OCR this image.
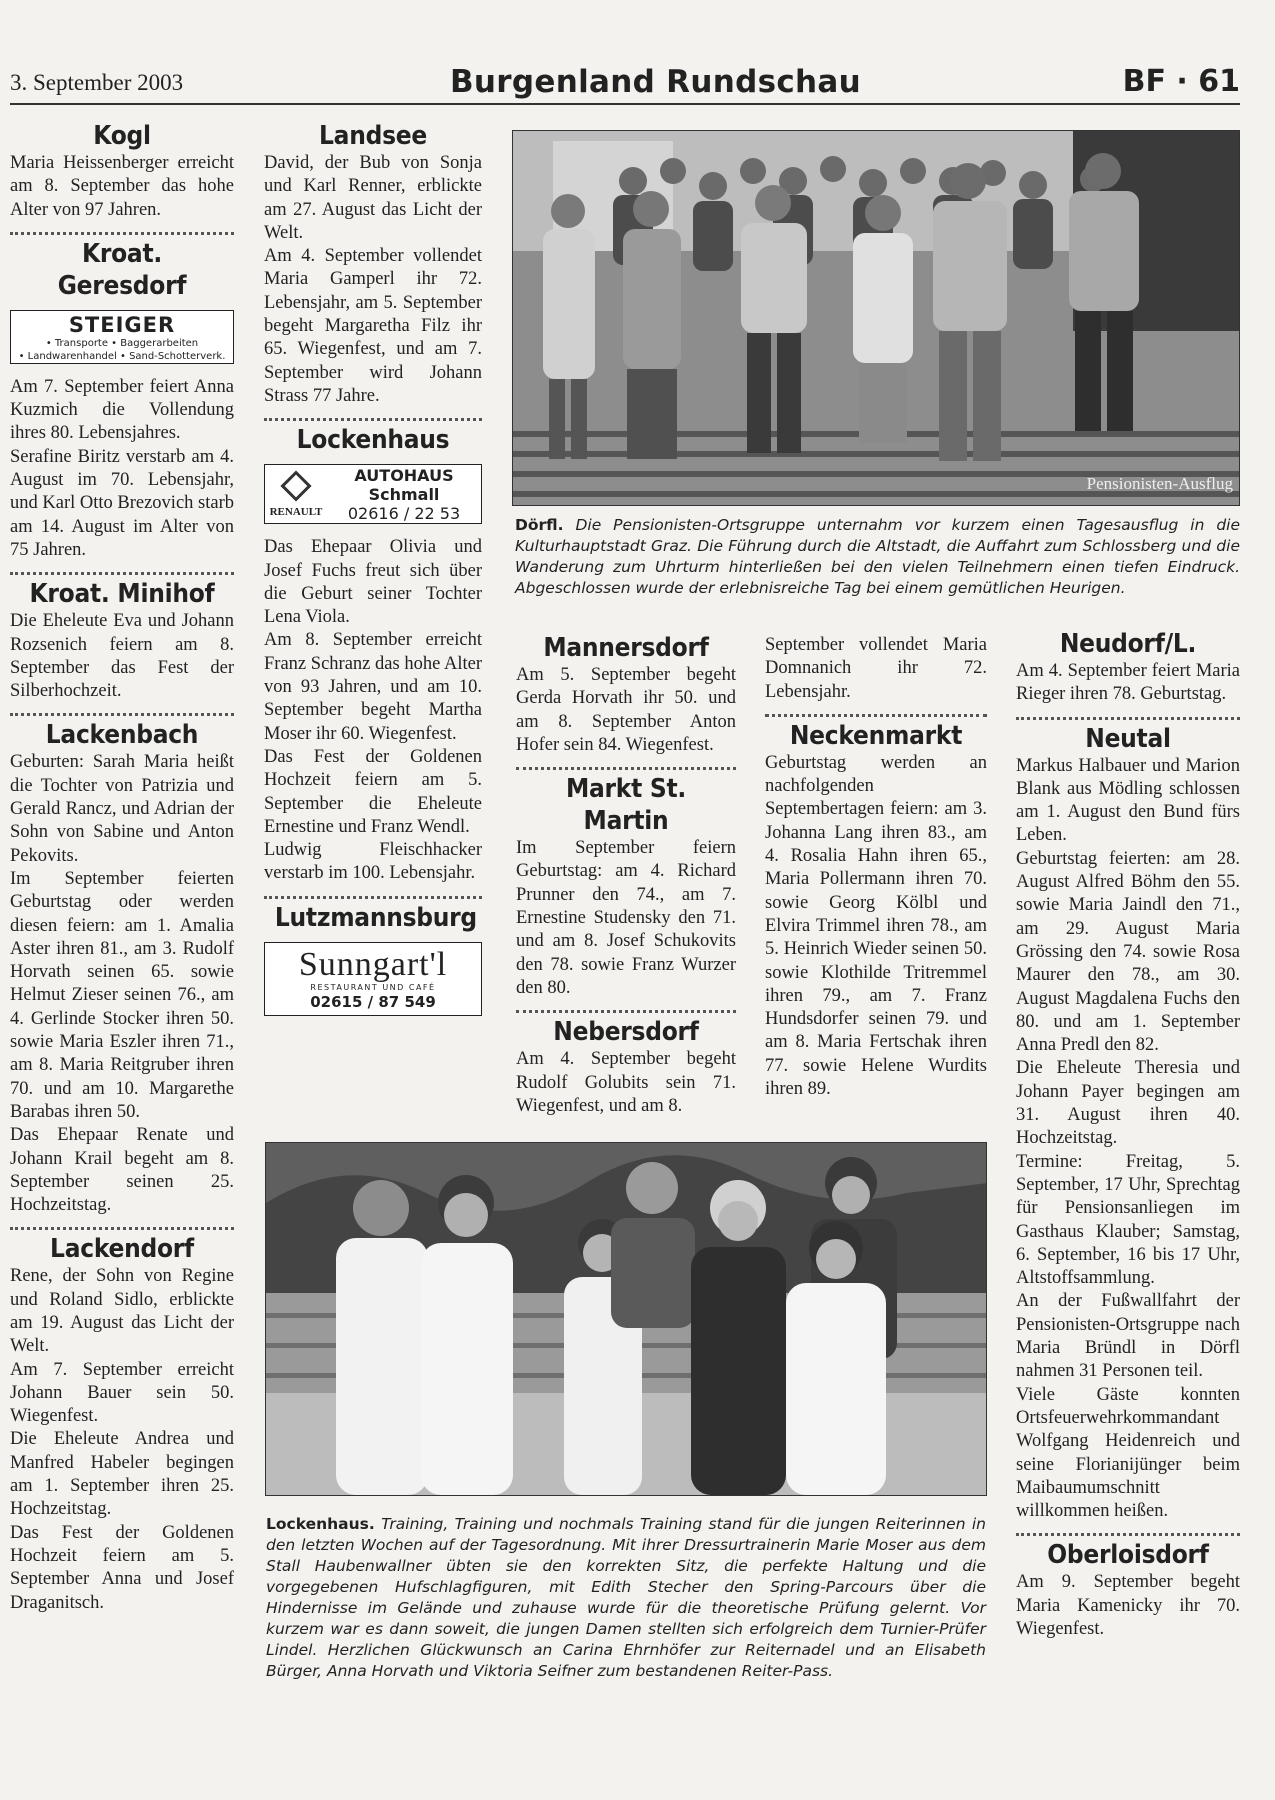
3. September 2003	Burgenland Rundschau	BF · 61
Kogl

Maria Heissenberger erreicht am 8. September das hohe Alter von 97 Jahren.

Kroat. Geresdorf
STEIGER
• Transporte • Baggerarbeiten
• Landwarenhandel • Sand-Schotterverk.

Am 7. September feiert Anna Kuzmich die Vollendung ihres 80. Lebensjahres.

Serafine Biritz verstarb am 4. August im 70. Lebensjahr, und Karl Otto Brezovich starb am 14. August im Alter von 75 Jahren.

Kroat. Minihof

Die Eheleute Eva und Johann Rozsenich feiern am 8. September das Fest der Silberhochzeit.

Lackenbach

Geburten: Sarah Maria heißt die Tochter von Patrizia und Gerald Rancz, und Adrian der Sohn von Sabine und Anton Pekovits.

Im September feierten Geburtstag oder werden diesen feiern: am 1. Amalia Aster ihren 81., am 3. Rudolf Horvath seinen 65. sowie Helmut Zieser seinen 76., am 4. Gerlinde Stocker ihren 50. sowie Maria Eszler ihren 71., am 8. Maria Reitgruber ihren 70. und am 10. Margarethe Barabas ihren 50.

Das Ehepaar Renate und Johann Krail begeht am 8. September seinen 25. Hochzeitstag.

Lackendorf

Rene, der Sohn von Regine und Roland Sidlo, erblickte am 19. August das Licht der Welt.

Am 7. September erreicht Johann Bauer sein 50. Wiegenfest.

Die Eheleute Andrea und Manfred Habeler begingen am 1. September ihren 25. Hochzeitstag.

Das Fest der Goldenen Hochzeit feiern am 5. September Anna und Josef Draganitsch.

Landsee

David, der Bub von Sonja und Karl Renner, erblickte am 27. August das Licht der Welt.

Am 4. September vollendet Maria Gamperl ihr 72. Lebensjahr, am 5. September begeht Margaretha Filz ihr 65. Wiegenfest, und am 7. September wird Johann Strass 77 Jahre.

Lockenhaus

RENAULT
AUTOHAUS
Schmall
02616 / 22 53

Das Ehepaar Olivia und Josef Fuchs freut sich über die Geburt seiner Tochter Lena Viola.

Am 8. September erreicht Franz Schranz das hohe Alter von 93 Jahren, und am 10. September begeht Martha Moser ihr 60. Wiegenfest.

Das Fest der Goldenen Hochzeit feiern am 5. September die Eheleute Ernestine und Franz Wendl.

Ludwig Fleischhacker verstarb im 100. Lebensjahr.

Lutzmannsburg
Sunngart'l
RESTAURANT UND CAFÉ
02615 / 87 549
Pensionisten-Ausflug
Dörfl. Die Pensionisten-Ortsgruppe unternahm vor kurzem einen Tagesausflug in die Kulturhauptstadt Graz. Die Führung durch die Altstadt, die Auffahrt zum Schlossberg und die Wanderung zum Uhrturm hinterließen bei den vielen Teilnehmern einen tiefen Eindruck. Abgeschlossen wurde der erlebnisreiche Tag bei einem gemütlichen Heurigen.
Mannersdorf

Am 5. September begeht Gerda Horvath ihr 50. und am 8. September Anton Hofer sein 84. Wiegenfest.

Markt St. Martin

Im September feiern Geburtstag: am 4. Richard Prunner den 74., am 7. Ernestine Studensky den 71. und am 8. Josef Schukovits den 78. sowie Franz Wurzer den 80.

Nebersdorf

Am 4. September begeht Rudolf Golubits sein 71. Wiegenfest, und am 8.

September vollendet Maria Domnanich ihr 72. Lebensjahr.

Neckenmarkt

Geburtstag werden an nachfolgenden Septembertagen feiern: am 3. Johanna Lang ihren 83., am 4. Rosalia Hahn ihren 65., Maria Pollermann ihren 70. sowie Georg Kölbl und Elvira Trimmel ihren 78., am 5. Heinrich Wieder seinen 50. sowie Klothilde Tritremmel ihren 79., am 7. Franz Hundsdorfer seinen 79. und am 8. Maria Fertschak ihren 77. sowie Helene Wurdits ihren 89.

Neudorf/L.

Am 4. September feiert Maria Rieger ihren 78. Geburtstag.

Neutal

Markus Halbauer und Marion Blank aus Mödling schlossen am 1. August den Bund fürs Leben.

Geburtstag feierten: am 28. August Alfred Böhm den 55. sowie Maria Jaindl den 71., am 29. August Maria Grössing den 74. sowie Rosa Maurer den 78., am 30. August Magdalena Fuchs den 80. und am 1. September Anna Predl den 82.

Die Eheleute Theresia und Johann Payer begingen am 31. August ihren 40. Hochzeitstag.

Termine: Freitag, 5. September, 17 Uhr, Sprechtag für Pensionsanliegen im Gasthaus Klauber; Samstag, 6. September, 16 bis 17 Uhr, Altstoffsammlung.

An der Fußwallfahrt der Pensionisten-Ortsgruppe nach Maria Bründl in Dörfl nahmen 31 Personen teil.

Viele Gäste konnten Ortsfeuerwehrkommandant Wolfgang Heidenreich und seine Florianijünger beim Maibaumumschnitt willkommen heißen.

Oberloisdorf

Am 9. September begeht Maria Kamenicky ihr 70. Wiegenfest.

Lockenhaus. Training, Training und nochmals Training stand für die jungen Reiterinnen in den letzten Wochen auf der Tagesordnung. Mit ihrer Dressurtrainerin Marie Moser aus dem Stall Haubenwallner übten sie den korrekten Sitz, die perfekte Haltung und die vorgegebenen Hufschlagfiguren, mit Edith Stecher den Spring-Parcours über die Hindernisse im Gelände und zuhause wurde für die theoretische Prüfung gelernt. Vor kurzem war es dann soweit, die jungen Damen stellten sich erfolgreich dem Turnier-Prüfer Lindel. Herzlichen Glückwunsch an Carina Ehrnhöfer zur Reiternadel und an Elisabeth Bürger, Anna Horvath und Viktoria Seifner zum bestandenen Reiter-Pass.
